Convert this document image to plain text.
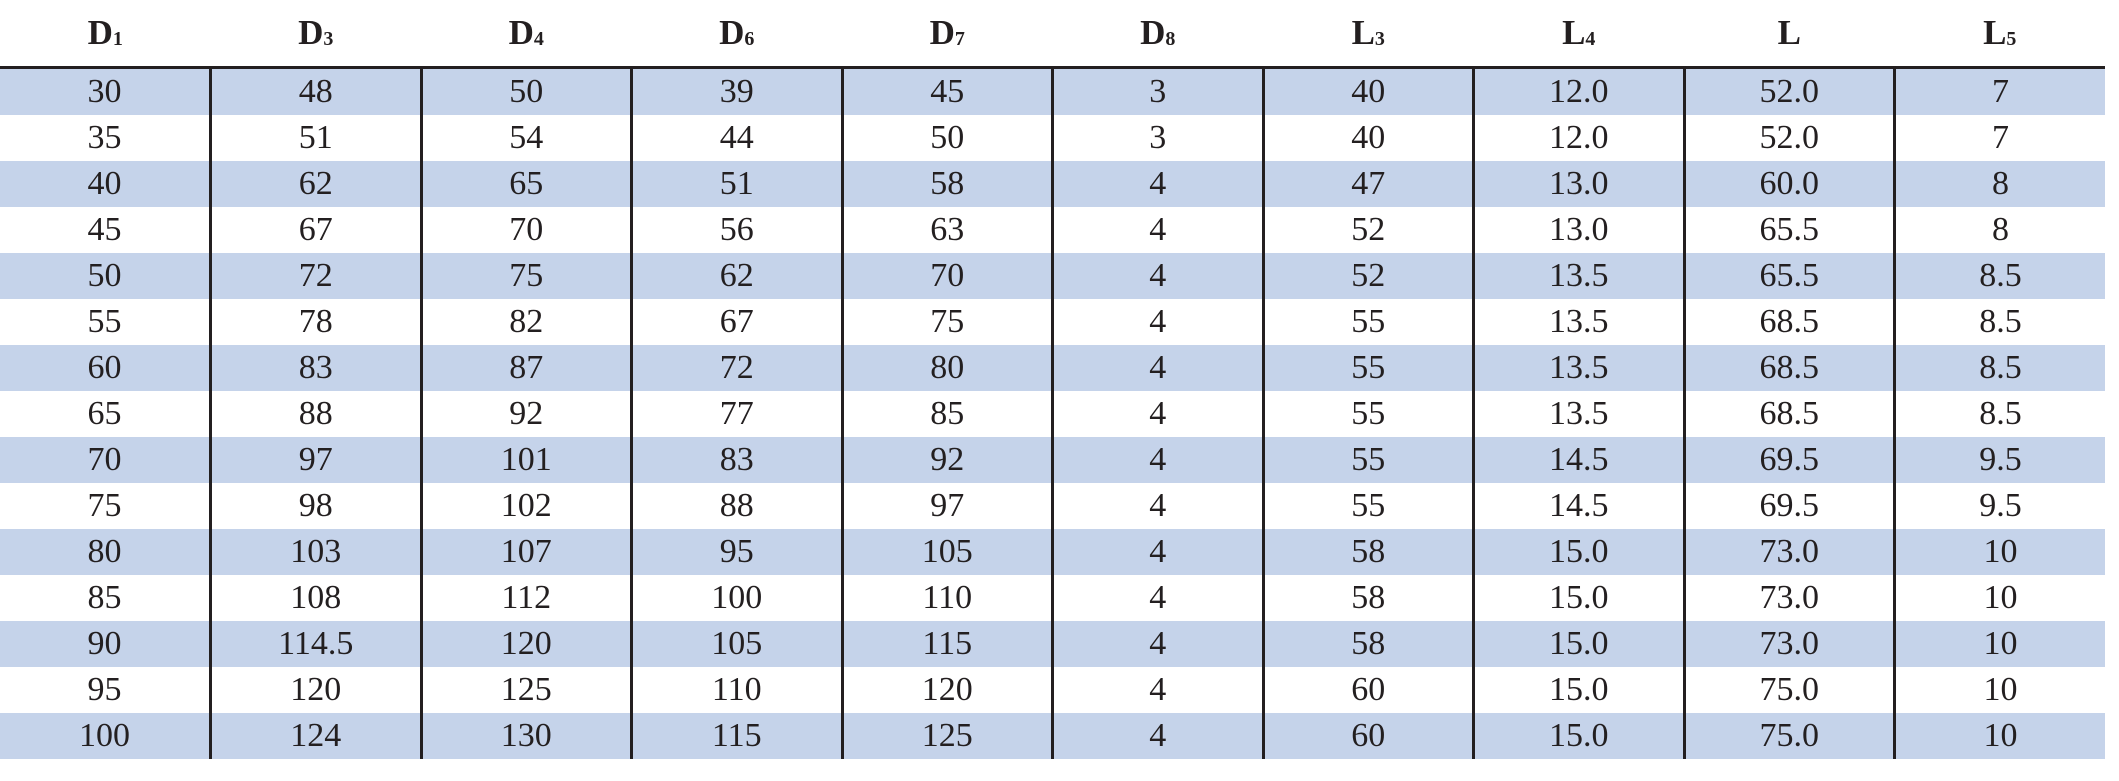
D1	D3	D4	D6	D7	D8	L3	L4	L	L5
30	48	50	39	45	3	40	12.0	52.0	7
35	51	54	44	50	3	40	12.0	52.0	7
40	62	65	51	58	4	47	13.0	60.0	8
45	67	70	56	63	4	52	13.0	65.5	8
50	72	75	62	70	4	52	13.5	65.5	8.5
55	78	82	67	75	4	55	13.5	68.5	8.5
60	83	87	72	80	4	55	13.5	68.5	8.5
65	88	92	77	85	4	55	13.5	68.5	8.5
70	97	101	83	92	4	55	14.5	69.5	9.5
75	98	102	88	97	4	55	14.5	69.5	9.5
80	103	107	95	105	4	58	15.0	73.0	10
85	108	112	100	110	4	58	15.0	73.0	10
90	114.5	120	105	115	4	58	15.0	73.0	10
95	120	125	110	120	4	60	15.0	75.0	10
100	124	130	115	125	4	60	15.0	75.0	10
